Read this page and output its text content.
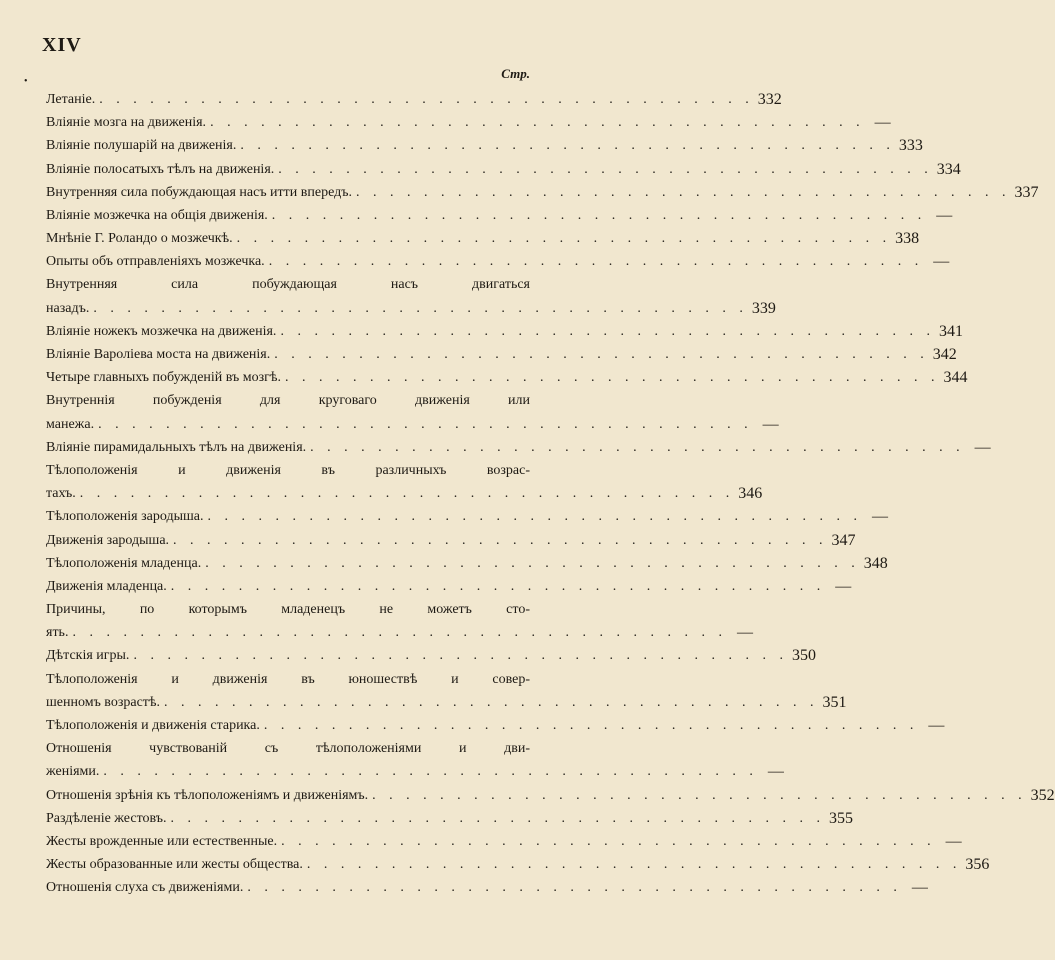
XIV
•
Стр.
Летаніе. . . . . . . . . . . . . . . . . . . . . . . . . . . . . . . . . . . . . . . . 332
Вліяніе мозга на движенія. . . . . . . . . . . . . . . . . . . . . . . . . . . . . . . . . . . . . . . . —
Вліяніе полушарій на движенія. . . . . . . . . . . . . . . . . . . . . . . . . . . . . . . . . . . . . . . . 333
Вліяніе полосатыхъ тѣлъ на движенія. . . . . . . . . . . . . . . . . . . . . . . . . . . . . . . . . . . . . . . . 334
Внутренняя сила побуждающая насъ итти впередъ. . . . . . . . . . . . . . . . . . . . . . . . . . . . . . . . . . . . . . . . 337
Вліяніе мозжечка на общія движенія. . . . . . . . . . . . . . . . . . . . . . . . . . . . . . . . . . . . . . . . —
Мнѣніе Г. Роландо о мозжечкѣ. . . . . . . . . . . . . . . . . . . . . . . . . . . . . . . . . . . . . . . . 338
Опыты объ отправленіяхъ мозжечка. . . . . . . . . . . . . . . . . . . . . . . . . . . . . . . . . . . . . . . . —
Внутренняя сила побуждающая насъ двигаться
назадъ. . . . . . . . . . . . . . . . . . . . . . . . . . . . . . . . . . . . . . . . 339
Вліяніе ножекъ мозжечка на движенія. . . . . . . . . . . . . . . . . . . . . . . . . . . . . . . . . . . . . . . . 341
Вліяніе Вароліева моста на движенія. . . . . . . . . . . . . . . . . . . . . . . . . . . . . . . . . . . . . . . . 342
Четыре главныхъ побужденій въ мозгѣ. . . . . . . . . . . . . . . . . . . . . . . . . . . . . . . . . . . . . . . . 344
Внутреннія побужденія для круговаго движенія или
манежа. . . . . . . . . . . . . . . . . . . . . . . . . . . . . . . . . . . . . . . . —
Вліяніе пирамидальныхъ тѣлъ на движенія. . . . . . . . . . . . . . . . . . . . . . . . . . . . . . . . . . . . . . . . —
Тѣлоположенія и движенія въ различныхъ возрас-
тахъ. . . . . . . . . . . . . . . . . . . . . . . . . . . . . . . . . . . . . . . . 346
Тѣлоположенія зародыша. . . . . . . . . . . . . . . . . . . . . . . . . . . . . . . . . . . . . . . . —
Движенія зародыша. . . . . . . . . . . . . . . . . . . . . . . . . . . . . . . . . . . . . . . . 347
Тѣлоположенія младенца. . . . . . . . . . . . . . . . . . . . . . . . . . . . . . . . . . . . . . . . 348
Движенія младенца. . . . . . . . . . . . . . . . . . . . . . . . . . . . . . . . . . . . . . . . —
Причины, по которымъ младенецъ не можетъ сто-
ять. . . . . . . . . . . . . . . . . . . . . . . . . . . . . . . . . . . . . . . . —
Дѣтскія игры. . . . . . . . . . . . . . . . . . . . . . . . . . . . . . . . . . . . . . . . 350
Тѣлоположенія и движенія въ юношествѣ и совер-
шенномъ возрастѣ. . . . . . . . . . . . . . . . . . . . . . . . . . . . . . . . . . . . . . . . 351
Тѣлоположенія и движенія старика. . . . . . . . . . . . . . . . . . . . . . . . . . . . . . . . . . . . . . . . —
Отношенія чувствованій съ тѣлоположеніями и дви-
женіями. . . . . . . . . . . . . . . . . . . . . . . . . . . . . . . . . . . . . . . . —
Отношенія зрѣнія къ тѣлоположеніямъ и движеніямъ. . . . . . . . . . . . . . . . . . . . . . . . . . . . . . . . . . . . . . . . 352
Раздѣленіе жестовъ. . . . . . . . . . . . . . . . . . . . . . . . . . . . . . . . . . . . . . . . 355
Жесты врожденные или естественные. . . . . . . . . . . . . . . . . . . . . . . . . . . . . . . . . . . . . . . . —
Жесты образованные или жесты общества. . . . . . . . . . . . . . . . . . . . . . . . . . . . . . . . . . . . . . . . 356
Отношенія слуха съ движеніями. . . . . . . . . . . . . . . . . . . . . . . . . . . . . . . . . . . . . . . . —
